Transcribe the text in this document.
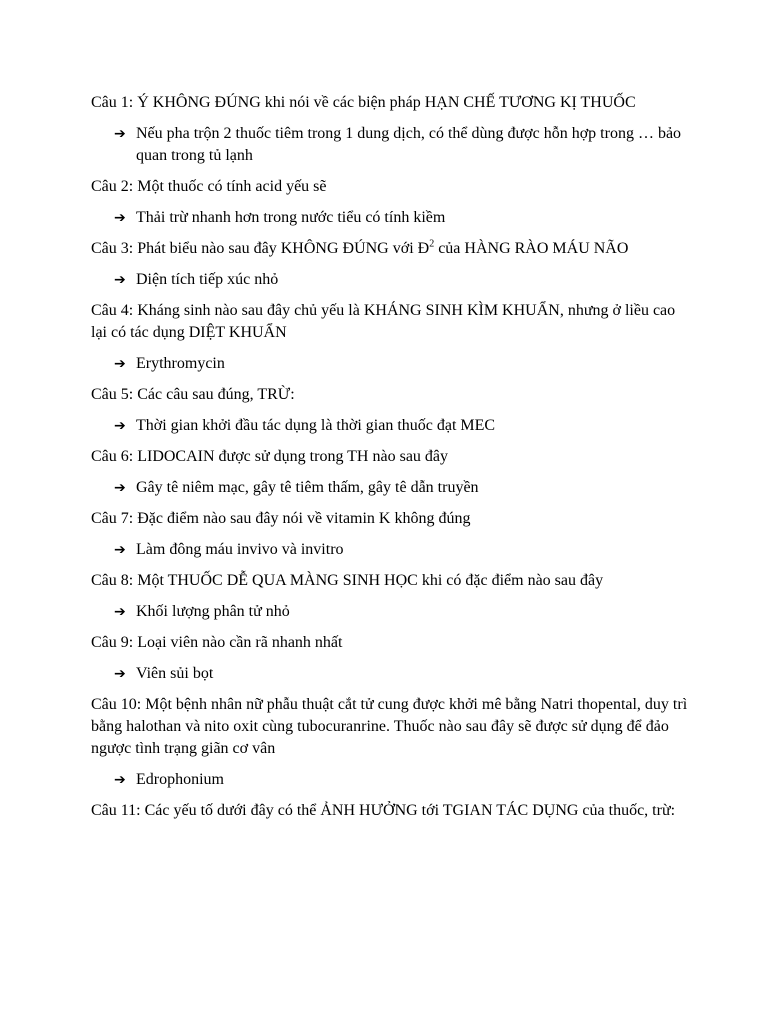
Câu 1: Ý KHÔNG ĐÚNG khi nói về các biện pháp HẠN CHẾ TƯƠNG KỊ THUỐC

➔ Nếu pha trộn 2 thuốc tiêm trong 1 dung dịch, có thể dùng được hỗn hợp trong … bảo quan trong tủ lạnh

Câu 2: Một thuốc có tính acid yếu sẽ

➔ Thải trừ nhanh hơn trong nước tiểu có tính kiềm

Câu 3: Phát biểu nào sau đây KHÔNG ĐÚNG với $Đ^2$ của HÀNG RÀO MÁU NÃO

➔ Diện tích tiếp xúc nhỏ

Câu 4: Kháng sinh nào sau đây chủ yếu là KHÁNG SINH KÌM KHUẨN, nhưng ở liều cao lại có tác dụng DIỆT KHUẨN

➔ Erythromycin

Câu 5: Các câu sau đúng, TRỪ:

➔ Thời gian khởi đầu tác dụng là thời gian thuốc đạt MEC

Câu 6: LIDOCAIN được sử dụng trong TH nào sau đây

➔ Gây tê niêm mạc, gây tê tiêm thấm, gây tê dẫn truyền

Câu 7: Đặc điểm nào sau đây nói về vitamin K không đúng

➔ Làm đông máu invivo và invitro

Câu 8: Một THUỐC DỄ QUA MÀNG SINH HỌC khi có đặc điểm nào sau đây

➔ Khối lượng phân tử nhỏ

Câu 9: Loại viên nào cần rã nhanh nhất

➔ Viên sủi bọt

Câu 10: Một bệnh nhân nữ phẫu thuật cắt tử cung được khởi mê bằng Natri thopental, duy trì bằng halothan và nito oxit cùng tubocuranrine. Thuốc nào sau đây sẽ được sử dụng để đảo ngược tình trạng giãn cơ vân

➔ Edrophonium

Câu 11: Các yếu tố dưới đây có thể ẢNH HƯỞNG tới TGIAN TÁC DỤNG của thuốc, trừ:
